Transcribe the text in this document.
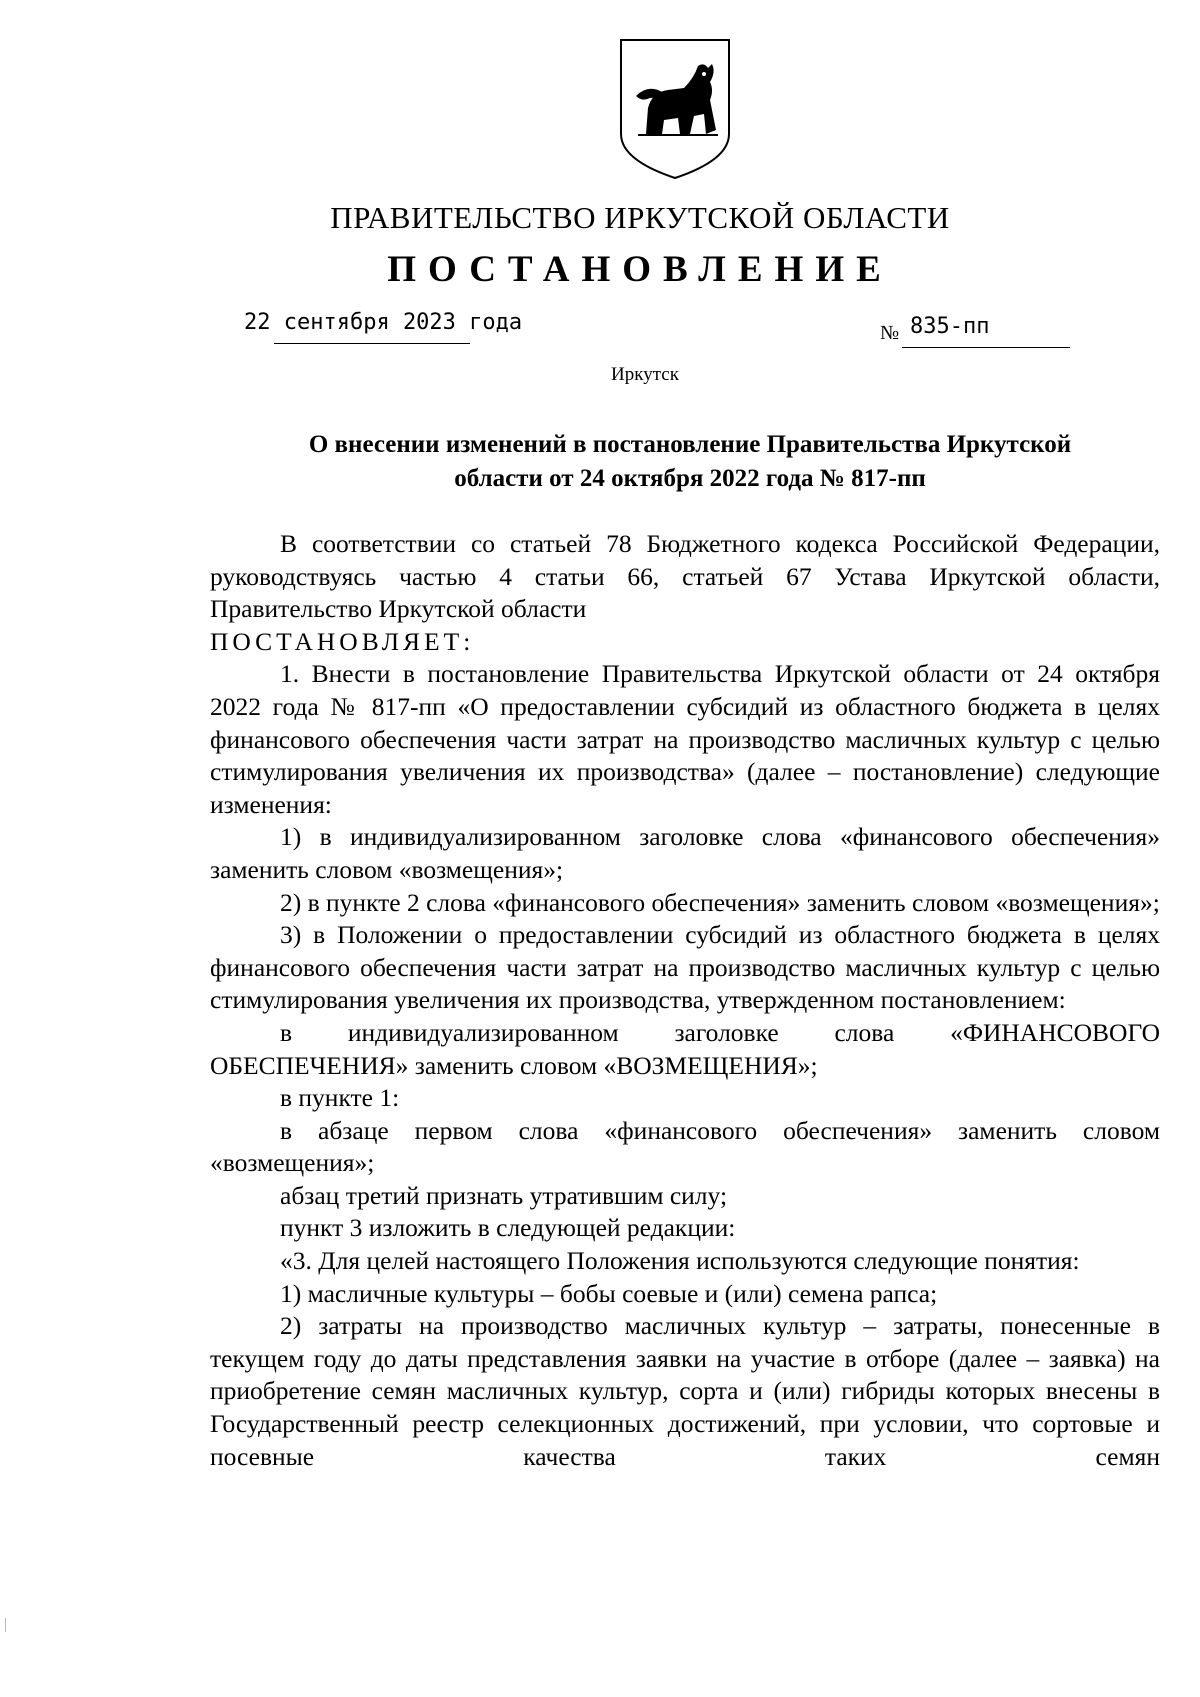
ПРАВИТЕЛЬСТВО ИРКУТСКОЙ ОБЛАСТИ
ПОСТАНОВЛЕНИЕ
22 сентября 2023 года	№ 835-пп
Иркутск
О внесении изменений в постановление Правительства Иркутской
области от 24 октября 2022 года № 817-пп

В соответствии со статьей 78 Бюджетного кодекса Российской Федерации, руководствуясь частью 4 статьи 66, статьей 67 Устава Иркутской области, Правительство Иркутской области

ПОСТАНОВЛЯЕТ:

1. Внести в постановление Правительства Иркутской области от 24 октября 2022 года № 817-пп «О предоставлении субсидий из областного бюджета в целях финансового обеспечения части затрат на производство масличных культур с целью стимулирования увеличения их производства» (далее – постановление) следующие изменения:

1) в индивидуализированном заголовке слова «финансового обеспечения» заменить словом «возмещения»;

2) в пункте 2 слова «финансового обеспечения» заменить словом «возмещения»;

3) в Положении о предоставлении субсидий из областного бюджета в целях финансового обеспечения части затрат на производство масличных культур с целью стимулирования увеличения их производства, утвержденном постановлением:

в индивидуализированном заголовке слова «ФИНАНСОВОГО ОБЕСПЕЧЕНИЯ» заменить словом «ВОЗМЕЩЕНИЯ»;

в пункте 1:

в абзаце первом слова «финансового обеспечения» заменить словом «возмещения»;

абзац третий признать утратившим силу;

пункт 3 изложить в следующей редакции:

«3. Для целей настоящего Положения используются следующие понятия:

1) масличные культуры – бобы соевые и (или) семена рапса;

2) затраты на производство масличных культур – затраты, понесенные в текущем году до даты представления заявки на участие в отборе (далее – заявка) на приобретение семян масличных культур, сорта и (или) гибриды которых внесены в Государственный реестр селекционных достижений, при условии, что сортовые и посевные качества таких семян
